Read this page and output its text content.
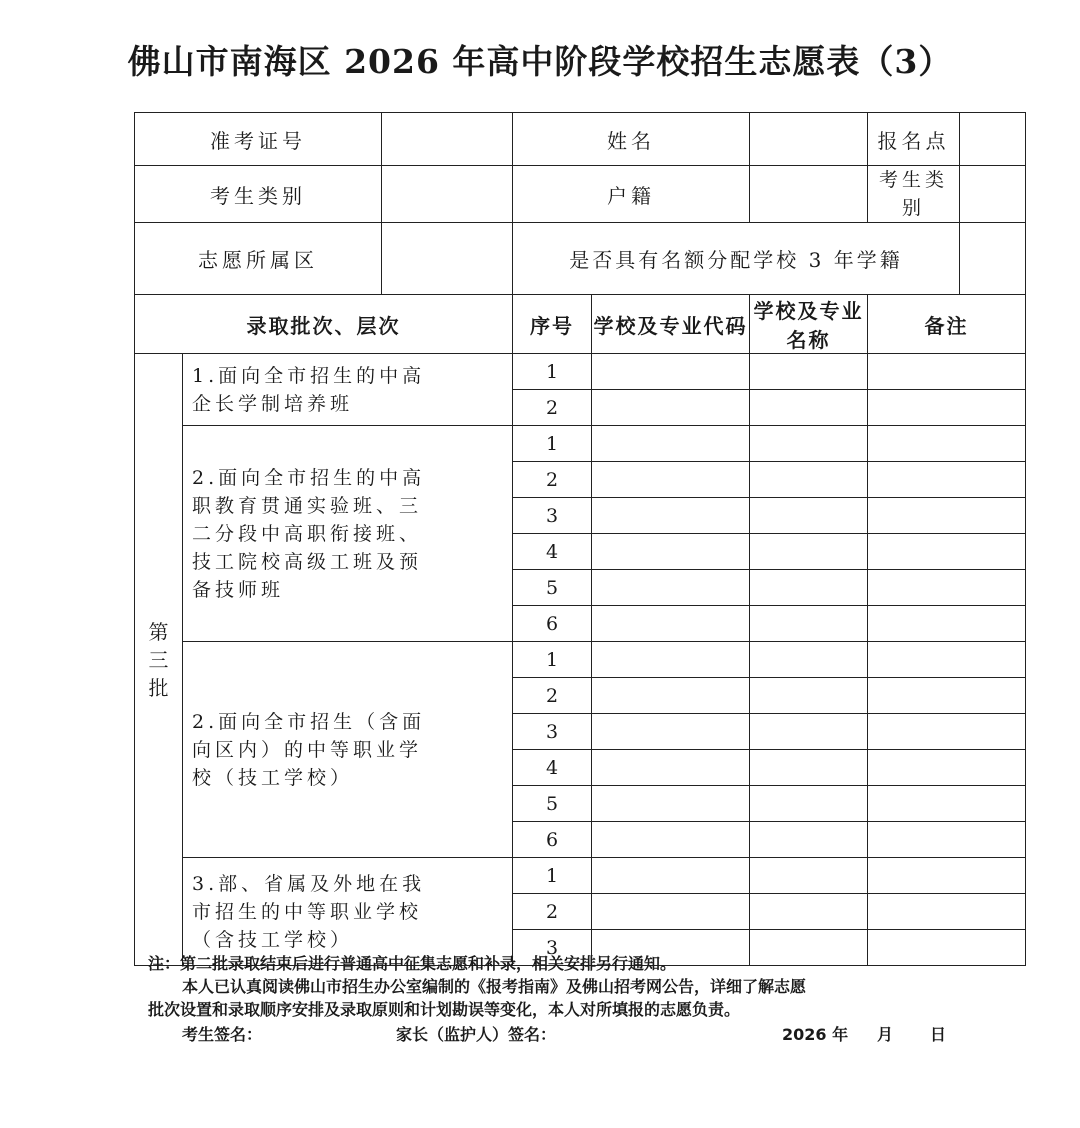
佛山市南海区 2026 年高中阶段学校招生志愿表（3）
准考证号			姓名			报名点	
考生类别			户籍			考生类
别	
志愿所属区			是否具有名额分配学校 3 年学籍				
录取批次、层次			序号	学校及专业代码	学校及专业名称	备注	
第
三
批	1.面向全市招生的中高
企长学制培养班		1				
			2				
	2.面向全市招生的中高
职教育贯通实验班、三
二分段中高职衔接班、
技工院校高级工班及预
备技师班		1				
			2				
			3				
			4				
			5				
			6				
	2.面向全市招生（含面
向区内）的中等职业学
校（技工学校）		1				
			2				
			3				
			4				
			5				
			6				
	3.部、省属及外地在我
市招生的中等职业学校
（含技工学校）		1				
			2				
			3				

注：第二批录取结束后进行普通高中征集志愿和补录，相关安排另行通知。

本人已认真阅读佛山市招生办公室编制的《报考指南》及佛山招考网公告，详细了解志愿

批次设置和录取顺序安排及录取原则和计划勘误等变化，本人对所填报的志愿负责。

考生签名：	家长（监护人）签名：	2026 年 月 日
